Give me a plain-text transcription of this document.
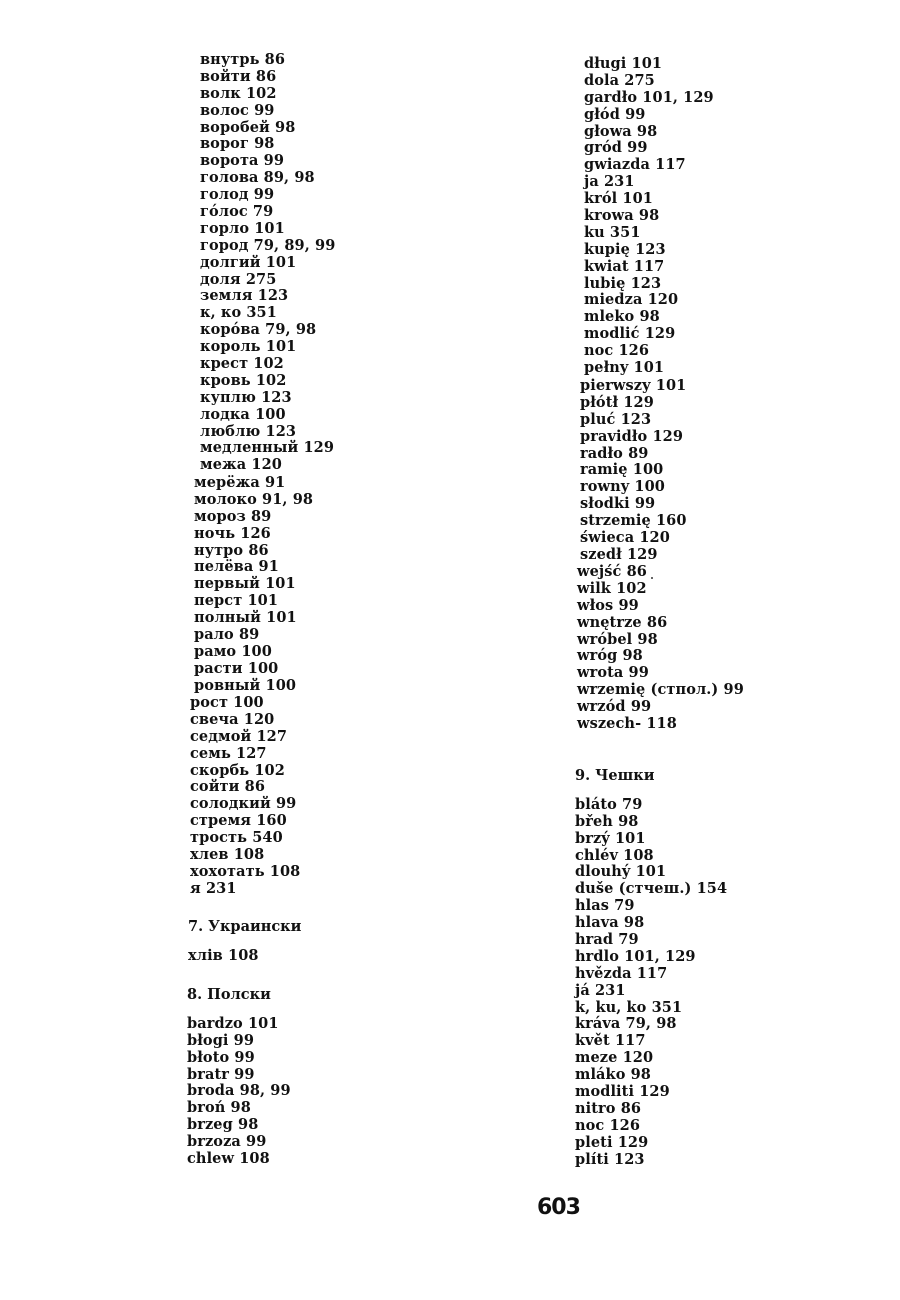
внутрь 86
войти 86
волк 102
волос 99
воробей 98
ворог 98
ворота 99
голова 89, 98
голод 99
гóлос 79
горло 101
город 79, 89, 99
долгий 101
доля 275
земля 123
к, ко 351
корóва 79, 98
король 101
крест 102
кровь 102
куплю 123
лодка 100
люблю 123
медленный 129
межа 120
мерёжа 91
молоко 91, 98
мороз 89
ночь 126
нутро 86
пелёва 91
первый 101
перст 101
полный 101
рало 89
рамо 100
расти 100
ровный 100
рост 100
свеча 120
седмой 127
семь 127
скорбь 102
сойти 86
солодкий 99
стремя 160
трость 540
хлев 108
хохотать 108
я 231
7. Украински
хлів 108
8. Полски
bardzo 101
błogi 99
błoto 99
bratr 99
broda 98, 99
broń 98
brzeg 98
brzoza 99
chlew 108
długi 101
dola 275
gardło 101, 129
głód 99
głowa 98
gród 99
gwiazda 117
ja 231
król 101
krowa 98
ku 351
kupię 123
kwiat 117
lubię 123
miedza 120
mleko 98
modlić 129
noc 126
pełny 101
pierwszy 101
płótł 129
pluć 123
pravidło 129
radło 89
ramię 100
rowny 100
słodki 99
strzemię 160
świeca 120
szedł 129
wejść 86
wilk 102
włos 99
wnętrze 86
wróbel 98
wróg 98
wrota 99
wrzemię (стпол.) 99
wrzód 99
wszech- 118
9. Чешки
bláto 79
břeh 98
brzý 101
chlév 108
dlouhý 101
duše (стчеш.) 154
hlas 79
hlava 98
hrad 79
hrdlo 101, 129
hvězda 117
já 231
k, ku, ko 351
kráva 79, 98
květ 117
meze 120
mláko 98
modliti 129
nitro 86
noc 126
pleti 129
plíti 123
603
